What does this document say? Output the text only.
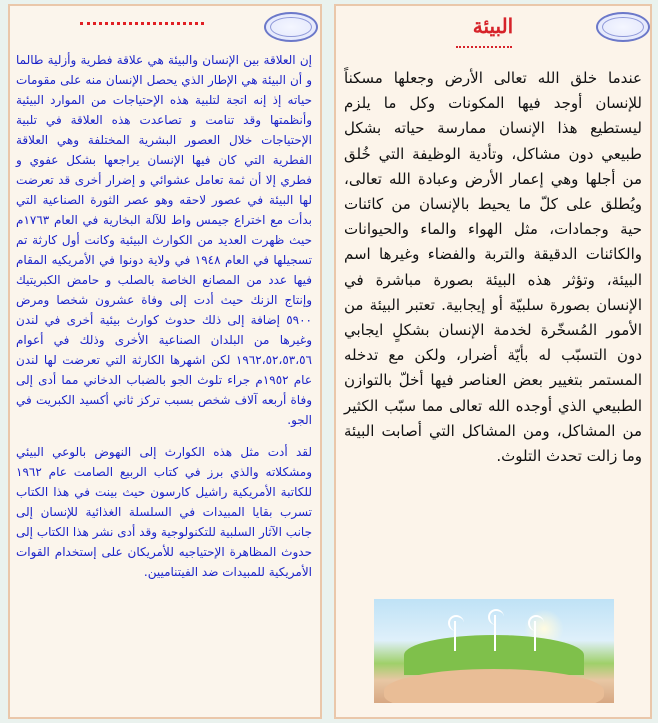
إن العلاقة بين الإنسان والبيئة هي علاقة فطرية وأزلية طالما و أن البيئة هي الإطار الذي يحصل الإنسان منه على مقومات حياته إذ إنه اتجة لتلبية هذه الإحتياجات من الموارد البيئية وأنظمتها وقد تنامت و تصاعدت هذه العلاقة في تلبية الإحتياجات خلال العصور البشرية المختلفة وهي العلاقة الفطرية التي كان فيها الإنسان يراجعها بشكل عفوي و فطري إلا أن ثمة تعامل عشوائي و إضرار أخرى قد تعرضت لها البيئة في عصور لاحقه وهو عصر الثورة الصناعية التي بدأت مع اختراع جيمس واط للآلة البخارية في العام ١٧٦٣م حيث ظهرت العديد من الكوارث البيئية وكانت أول كارثة تم تسجيلها في العام ١٩٤٨ في ولاية دونوا في الأمريكيه المقام فيها عدد من المصانع الخاصة بالصلب و حامض الكبريتيك وإنتاج الزنك حيث أدت إلى وفاة عشرون شخصا ومرض ٥٩٠٠ إضافة إلى ذلك حدوث كوارث بيئية أخرى في لندن وغيرها من البلدان الصناعية الأخرى وذلك في أعوام ١٩٦٢،٥٢،٥٣،٥٦ لكن اشهرها الكارثة التي تعرضت لها لندن عام ١٩٥٢م جراء تلوث الجو بالضباب الدخاني مما أدى إلى وفاة أربعه آلاف شخص بسبب تركز ثاني أكسيد الكبريت في الجو.

لقد أدت مثل هذه الكوارث إلى النهوض بالوعي البيئي ومشكلاته والذي برز في كتاب الربيع الصامت عام ١٩٦٢ للكاتبة الأمريكية راشيل كارسون حيث بينت في هذا الكتاب تسرب بقايا المبيدات في السلسلة الغذائية للإنسان إلى جانب الآثار السلبية للتكنولوجية وقد أدى نشر هذا الكتاب إلى حدوث المظاهرة الإحتياجيه للأمريكان على إستخدام القوات الأمريكية للمبيدات ضد الفيتناميين.

البيئة
عندما خلق الله تعالى الأرض وجعلها مسكناً للإنسان أوجد فيها المكونات وكل ما يلزم ليستطيع هذا الإنسان ممارسة حياته بشكل طبيعي دون مشاكل، وتأدية الوظيفة التي خُلق من أجلها وهي إعمار الأرض وعبادة الله تعالى، ويُطلق على كلّ ما يحيط بالإنسان من كائنات حية وجمادات، مثل الهواء والماء والحيوانات والكائنات الدقيقة والتربة والفضاء وغيرها اسم البيئة، وتؤثر هذه البيئة بصورة مباشرة في الإنسان بصورة سلبيّة أو إيجابية. تعتبر البيئة من الأمور المُسخّرة لخدمة الإنسان بشكلٍ ايجابي دون التسبّب له بأيّة أضرار، ولكن مع تدخله المستمر بتغيير بعض العناصر فيها أخلّ بالتوازن الطبيعي الذي أوجده الله تعالى مما سبّب الكثير من المشاكل، ومن المشاكل التي أصابت البيئة وما زالت تحدث التلوث.
